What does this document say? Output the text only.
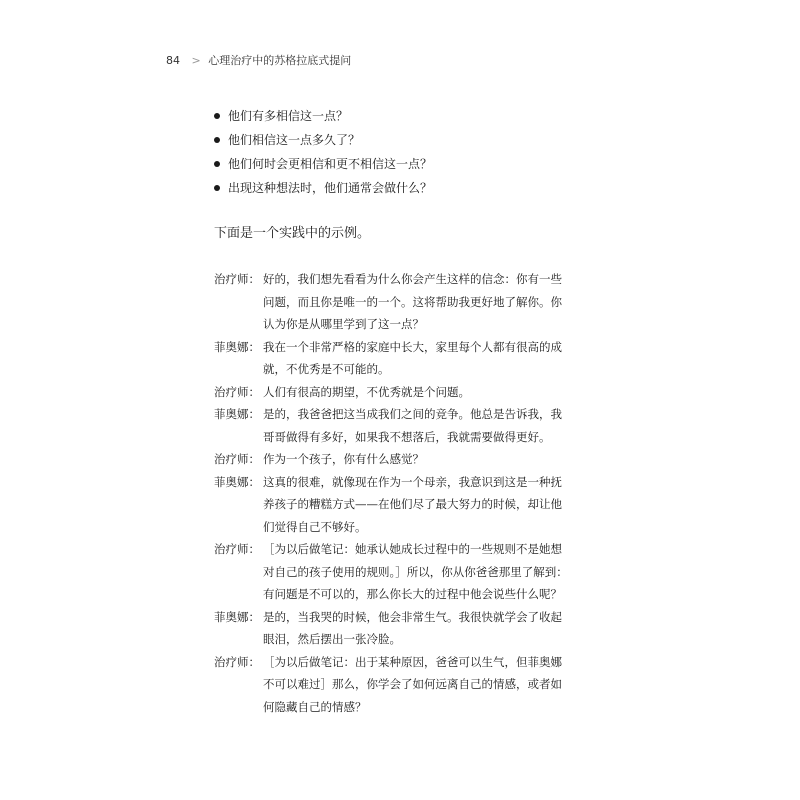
84 > 心理治疗中的苏格拉底式提问
他们有多相信这一点？
他们相信这一点多久了？
他们何时会更相信和更不相信这一点？
出现这种想法时，他们通常会做什么？
下面是一个实践中的示例。
治疗师： 好的，我们想先看看为什么你会产生这样的信念：你有一些
问题，而且你是唯一的一个。这将帮助我更好地了解你。你
认为你是从哪里学到了这一点？
菲奥娜： 我在一个非常严格的家庭中长大，家里每个人都有很高的成
就，不优秀是不可能的。
治疗师： 人们有很高的期望，不优秀就是个问题。
菲奥娜： 是的，我爸爸把这当成我们之间的竞争。他总是告诉我，我
哥哥做得有多好，如果我不想落后，我就需要做得更好。
治疗师： 作为一个孩子，你有什么感觉？
菲奥娜： 这真的很难，就像现在作为一个母亲，我意识到这是一种抚
养孩子的糟糕方式——在他们尽了最大努力的时候，却让他
们觉得自己不够好。
治疗师： ［为以后做笔记：她承认她成长过程中的一些规则不是她想
对自己的孩子使用的规则。］所以，你从你爸爸那里了解到：
有问题是不可以的，那么你长大的过程中他会说些什么呢？
菲奥娜： 是的，当我哭的时候，他会非常生气。我很快就学会了收起
眼泪，然后摆出一张冷脸。
治疗师： ［为以后做笔记：出于某种原因，爸爸可以生气，但菲奥娜
不可以难过］那么，你学会了如何远离自己的情感，或者如
何隐藏自己的情感？
